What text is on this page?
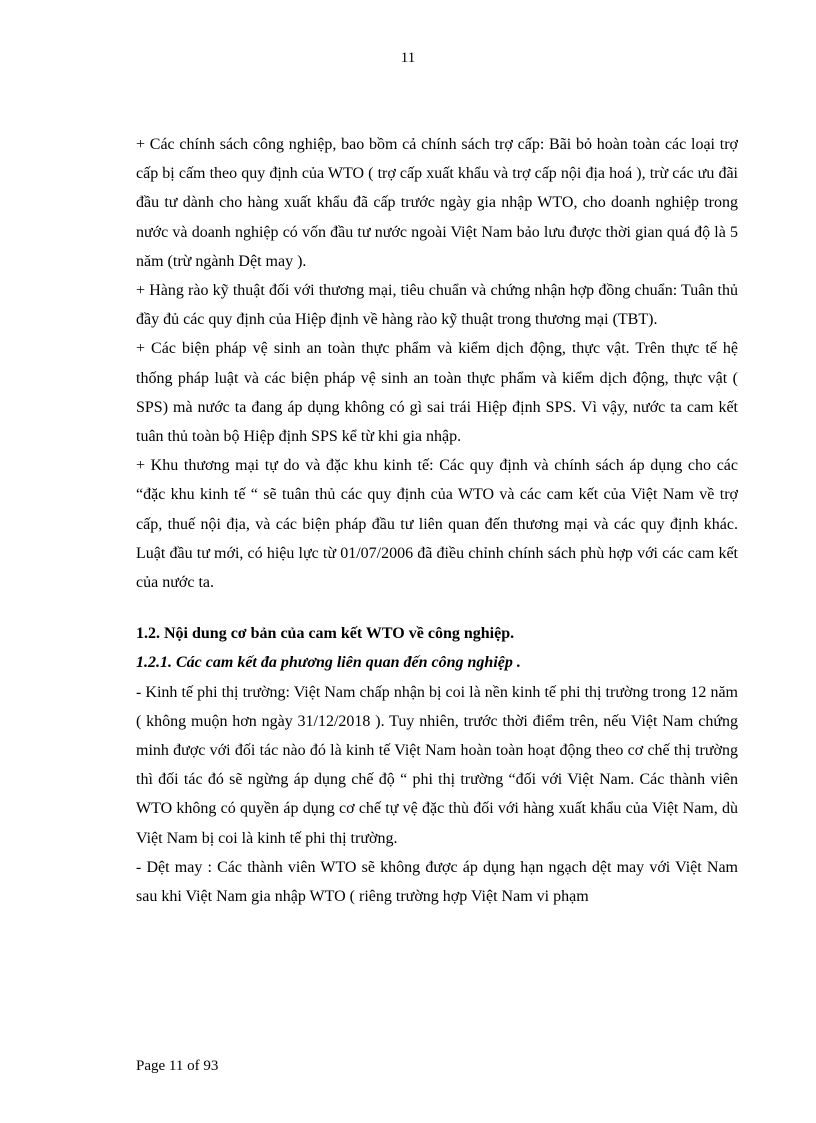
11

+ Các chính sách công nghiệp, bao bồm cả chính sách trợ cấp: Bãi bỏ hoàn toàn các loại trợ cấp bị cấm theo quy định của WTO ( trợ cấp xuất khẩu và trợ cấp nội địa hoá ), trừ các ưu đãi đầu tư dành cho hàng xuất khẩu đã cấp trước ngày gia nhập WTO, cho doanh nghiệp trong nước và doanh nghiệp có vốn đầu tư nước ngoài Việt Nam bảo lưu được thời gian quá độ là 5 năm (trừ ngành Dệt may ).

+ Hàng rào kỹ thuật đối với thương mại, tiêu chuẩn và chứng nhận hợp đồng chuẩn: Tuân thủ đầy đủ các quy định của Hiệp định về hàng rào kỹ thuật trong thương mại (TBT).

+ Các biện pháp vệ sinh an toàn thực phẩm và kiểm dịch động, thực vật. Trên thực tế hệ thống pháp luật và các biện pháp vệ sinh an toàn thực phẩm và kiểm dịch động, thực vật ( SPS) mà nước ta đang áp dụng không có gì sai trái Hiệp định SPS. Vì vậy, nước ta cam kết tuân thủ toàn bộ Hiệp định SPS kể từ khi gia nhập.

+ Khu thương mại tự do và đặc khu kinh tế: Các quy định và chính sách áp dụng cho các “đặc khu kinh tế “ sẽ tuân thủ các quy định của WTO và các cam kết của Việt Nam về trợ cấp, thuế nội địa, và các biện pháp đầu tư liên quan đến thương mại và các quy định khác. Luật đầu tư mới, có hiệu lực từ 01/07/2006 đã điều chỉnh chính sách phù hợp với các cam kết của nước ta.

1.2. Nội dung cơ bản của cam kết WTO về công nghiệp.

1.2.1. Các cam kết đa phương liên quan đến công nghiệp .

- Kinh tế phi thị trường: Việt Nam chấp nhận bị coi là nền kinh tế phi thị trường trong 12 năm ( không muộn hơn ngày 31/12/2018 ). Tuy nhiên, trước thời điểm trên, nếu Việt Nam chứng minh được với đối tác nào đó là kinh tế Việt Nam hoàn toàn hoạt động theo cơ chế thị trường thì đối tác đó sẽ ngừng áp dụng chế độ “ phi thị trường “đối với Việt Nam. Các thành viên WTO không có quyền áp dụng cơ chế tự vệ đặc thù đối với hàng xuất khẩu của Việt Nam, dù Việt Nam bị coi là kinh tế phi thị trường.

- Dệt may : Các thành viên WTO sẽ không được áp dụng hạn ngạch dệt may với Việt Nam sau khi Việt Nam gia nhập WTO ( riêng trường hợp Việt Nam vi phạm

Page 11 of 93
